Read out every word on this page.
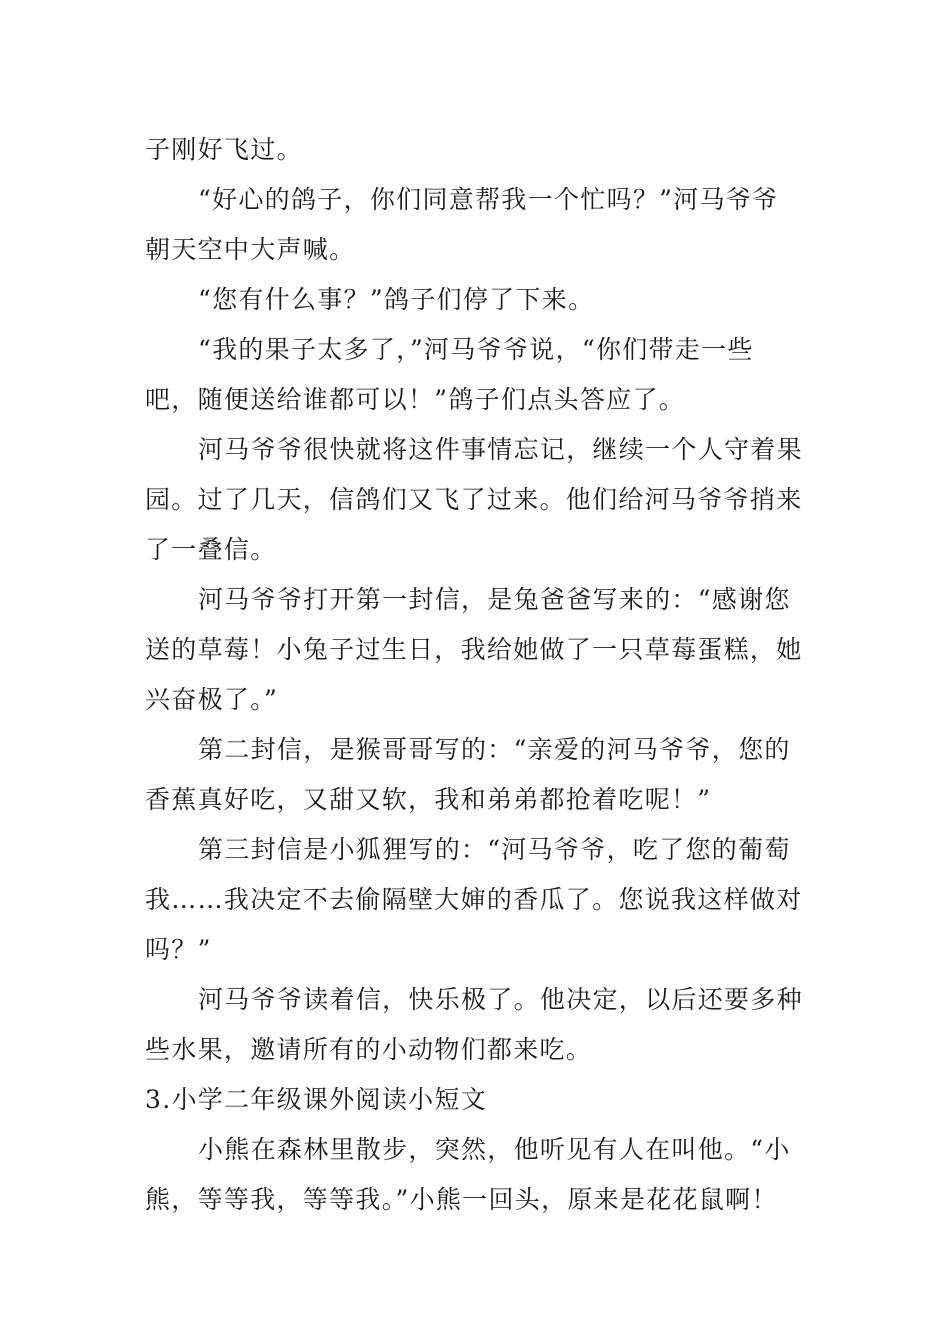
子刚好飞过。
“好心的鸽子，你们同意帮我一个忙吗？”河马爷爷
朝天空中大声喊。
“您有什么事？”鸽子们停了下来。
“我的果子太多了，”河马爷爷说，“你们带走一些
吧，随便送给谁都可以！”鸽子们点头答应了。
河马爷爷很快就将这件事情忘记，继续一个人守着果
园。过了几天，信鸽们又飞了过来。他们给河马爷爷捎来
了一叠信。
河马爷爷打开第一封信，是兔爸爸写来的：“感谢您
送的草莓！小兔子过生日，我给她做了一只草莓蛋糕，她
兴奋极了。”
第二封信，是猴哥哥写的：“亲爱的河马爷爷，您的
香蕉真好吃，又甜又软，我和弟弟都抢着吃呢！”
第三封信是小狐狸写的：“河马爷爷，吃了您的葡萄
我……我决定不去偷隔壁大婶的香瓜了。您说我这样做对
吗？”
河马爷爷读着信，快乐极了。他决定，以后还要多种
些水果，邀请所有的小动物们都来吃。
3.小学二年级课外阅读小短文
小熊在森林里散步，突然，他听见有人在叫他。“小
熊，等等我，等等我。”小熊一回头，原来是花花鼠啊！
